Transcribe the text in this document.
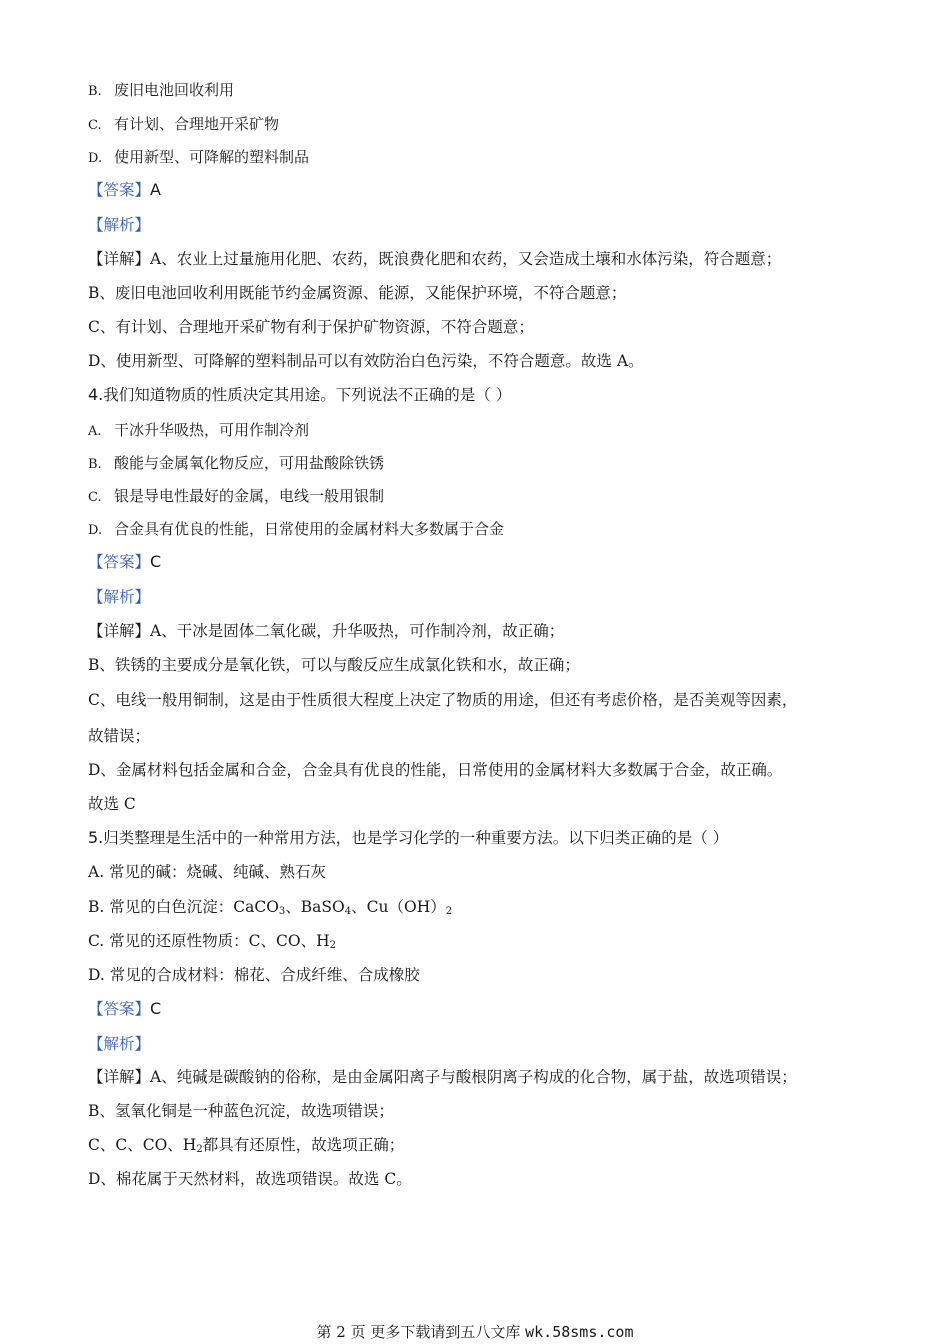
B. 废旧电池回收利用
C. 有计划、合理地开采矿物
D. 使用新型、可降解的塑料制品
【答案】A
【解析】
【详解】A、农业上过量施用化肥、农药，既浪费化肥和农药，又会造成土壤和水体污染，符合题意；
B、废旧电池回收利用既能节约金属资源、能源，又能保护环境，不符合题意；
C、有计划、合理地开采矿物有利于保护矿物资源，不符合题意；
D、使用新型、可降解的塑料制品可以有效防治白色污染，不符合题意。故选 A。
4.我们知道物质的性质决定其用途。下列说法不正确的是（ ）
A. 干冰升华吸热，可用作制冷剂
B. 酸能与金属氧化物反应，可用盐酸除铁锈
C. 银是导电性最好的金属，电线一般用银制
D. 合金具有优良的性能，日常使用的金属材料大多数属于合金
【答案】C
【解析】
【详解】A、干冰是固体二氧化碳，升华吸热，可作制冷剂，故正确；
B、铁锈的主要成分是氧化铁，可以与酸反应生成氯化铁和水，故正确；
C、电线一般用铜制，这是由于性质很大程度上决定了物质的用途，但还有考虑价格，是否美观等因素，
故错误；
D、金属材料包括金属和合金，合金具有优良的性能，日常使用的金属材料大多数属于合金，故正确。
故选 C
5.归类整理是生活中的一种常用方法，也是学习化学的一种重要方法。以下归类正确的是（ ）
A. 常见的碱：烧碱、纯碱、熟石灰
B. 常见的白色沉淀：CaCO$_3$、BaSO$_4$、$Cu(OH)_2$
C. 常见的还原性物质：C、CO、$H_2$
D. 常见的合成材料：棉花、合成纤维、合成橡胶
【答案】C
【解析】
【详解】A、纯碱是碳酸钠的俗称，是由金属阳离子与酸根阴离子构成的化合物，属于盐，故选项错误；
B、氢氧化铜是一种蓝色沉淀，故选项错误；
C、C、CO、$H_2$都具有还原性，故选项正确；
D、棉花属于天然材料，故选项错误。故选 C。
第 2 页 更多下载请到五八文库 wk.58sms.com
